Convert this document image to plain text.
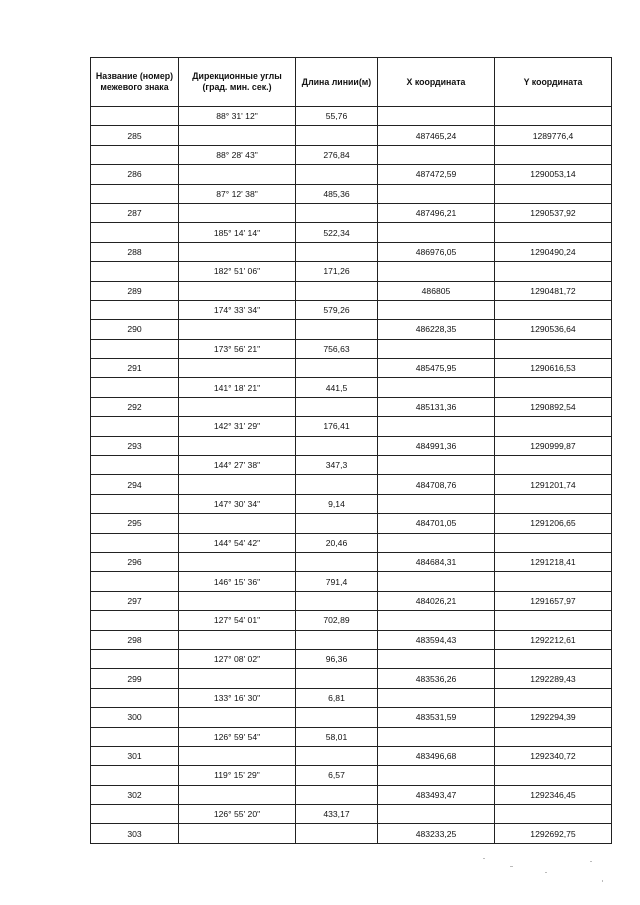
Название (номер) межевого знака	Дирекционные углы (град. мин. сек.)	Длина линии(м)	X координата	Y координата
	88° 31' 12"	55,76		
285			487465,24	1289776,4
	88° 28' 43"	276,84		
286			487472,59	1290053,14
	87° 12' 38"	485,36		
287			487496,21	1290537,92
	185° 14' 14"	522,34		
288			486976,05	1290490,24
	182° 51' 06"	171,26		
289			486805	1290481,72
	174° 33' 34"	579,26		
290			486228,35	1290536,64
	173° 56' 21"	756,63		
291			485475,95	1290616,53
	141° 18' 21"	441,5		
292			485131,36	1290892,54
	142° 31' 29"	176,41		
293			484991,36	1290999,87
	144° 27' 38"	347,3		
294			484708,76	1291201,74
	147° 30' 34"	9,14		
295			484701,05	1291206,65
	144° 54' 42"	20,46		
296			484684,31	1291218,41
	146° 15' 36"	791,4		
297			484026,21	1291657,97
	127° 54' 01"	702,89		
298			483594,43	1292212,61
	127° 08' 02"	96,36		
299			483536,26	1292289,43
	133° 16' 30"	6,81		
300			483531,59	1292294,39
	126° 59' 54"	58,01		
301			483496,68	1292340,72
	119° 15' 29"	6,57		
302			483493,47	1292346,45
	126° 55' 20"	433,17		
303			483233,25	1292692,75
